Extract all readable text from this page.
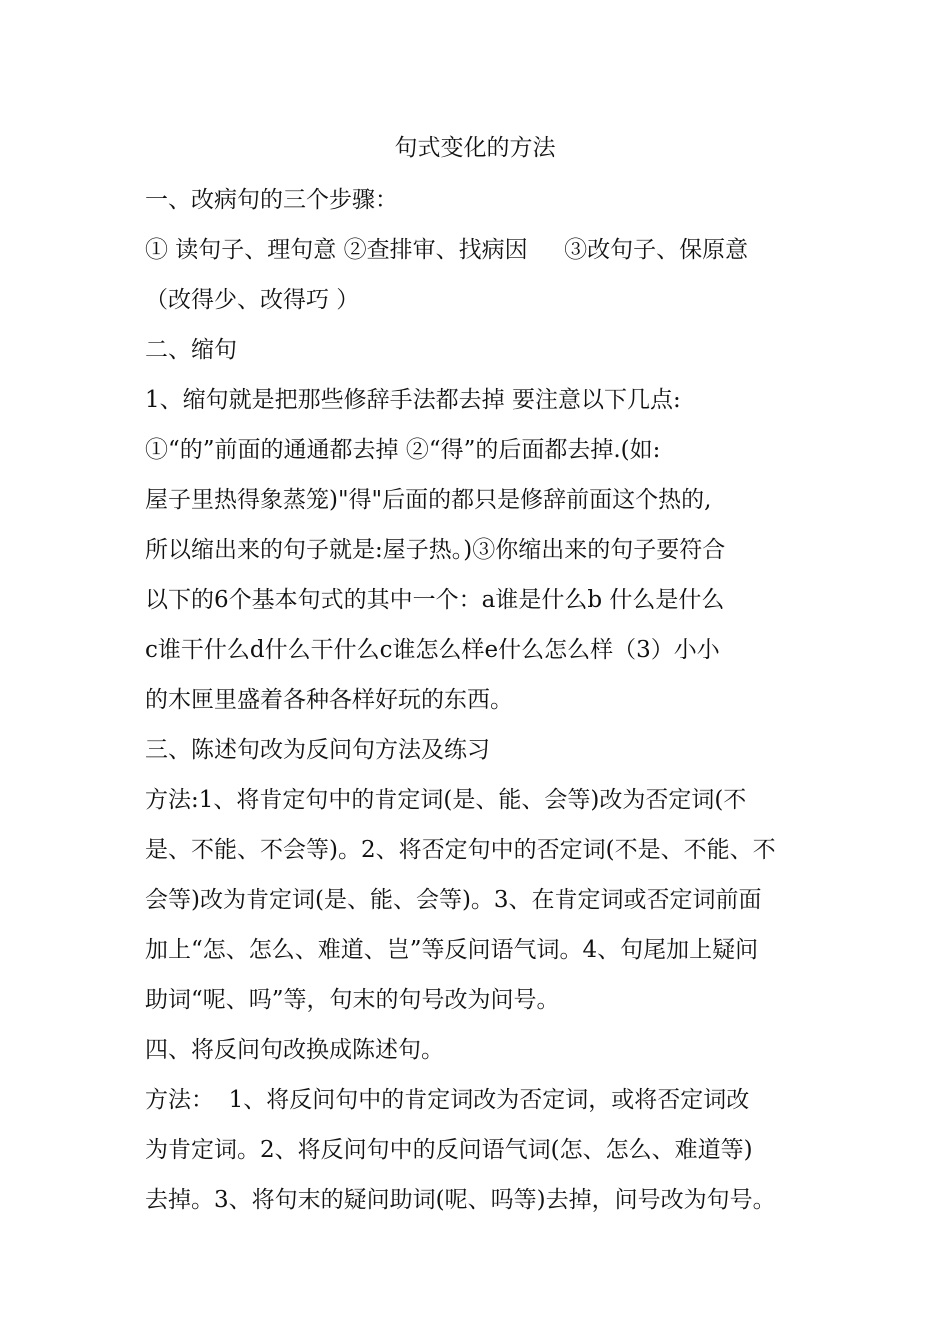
句式变化的方法
一、改病句的三个步骤：
① 读句子、理句意 ②查排审、找病因     ③改句子、保原意
（改得少、改得巧 ）
二、缩句
1、缩句就是把那些修辞手法都去掉 要注意以下几点:
①“的”前面的通通都去掉 ②“得”的后面都去掉.(如:
屋子里热得象蒸笼)"得"后面的都只是修辞前面这个热的,
所以缩出来的句子就是:屋子热。)③你缩出来的句子要符合
以下的6个基本句式的其中一个：a谁是什么b 什么是什么
c谁干什么d什么干什么c谁怎么样e什么怎么样（3）小小
的木匣里盛着各种各样好玩的东西。
三、陈述句改为反问句方法及练习
方法:1、将肯定句中的肯定词(是、能、会等)改为否定词(不
是、不能、不会等)。2、将否定句中的否定词(不是、不能、不
会等)改为肯定词(是、能、会等)。3、在肯定词或否定词前面
加上“怎、怎么、难道、岂”等反问语气词。4、句尾加上疑问
助词“呢、吗”等，句末的句号改为问号。
四、将反问句改换成陈述句。
方法：  1、将反问句中的肯定词改为否定词，或将否定词改
为肯定词。2、将反问句中的反问语气词(怎、怎么、难道等)
去掉。3、将句末的疑问助词(呢、吗等)去掉，问号改为句号。
